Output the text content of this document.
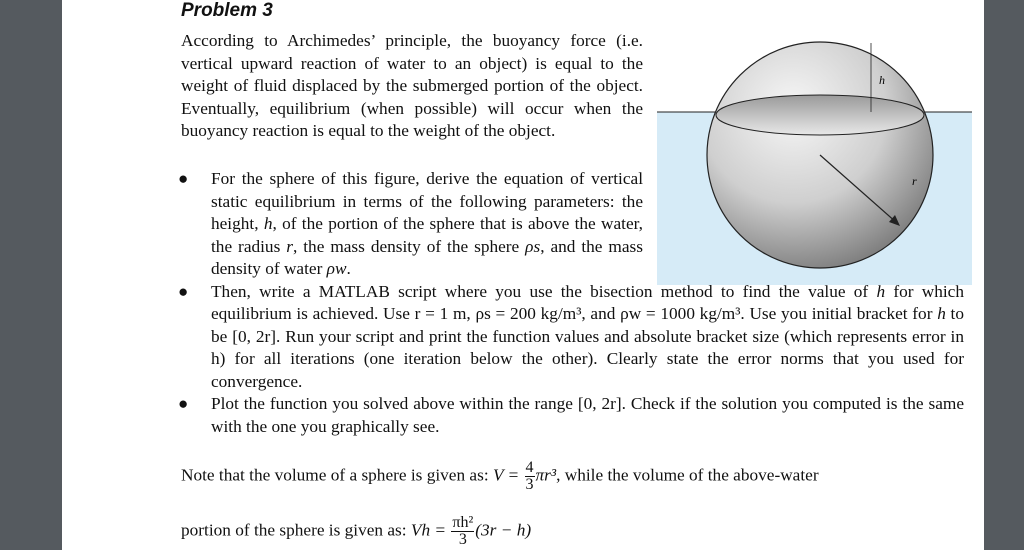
Problem 3
According to Archimedes’ principle, the buoyancy force (i.e. vertical upward reaction of water to an object) is equal to the weight of fluid displaced by the submerged portion of the object. Eventually, equilibrium (when possible) will occur when the buoyancy reaction is equal to the weight of the object.
h
r
● For the sphere of this figure, derive the equation of vertical static equilibrium in terms of the following parameters: the height, h, of the portion of the sphere that is above the water, the radius r, the mass density of the sphere ρs, and the mass density of water ρw.
● Then, write a MATLAB script where you use the bisection method to find the value of h for which equilibrium is achieved. Use r = 1 m, ρs = 200 kg/m³, and ρw = 1000 kg/m³. Use you initial bracket for h to be [0, 2r]. Run your script and print the function values and absolute bracket size (which represents error in h) for all iterations (one iteration below the other). Clearly state the error norms that you used for convergence.
● Plot the function you solved above within the range [0, 2r]. Check if the solution you computed is the same with the one you graphically see.
Note that the volume of a sphere is given as: $V = \frac{4}{3} \pi r^3$, while the volume of the above-water
portion of the sphere is given as: $Vh = \frac{\text{πh²}}{3} (3r - h)$
